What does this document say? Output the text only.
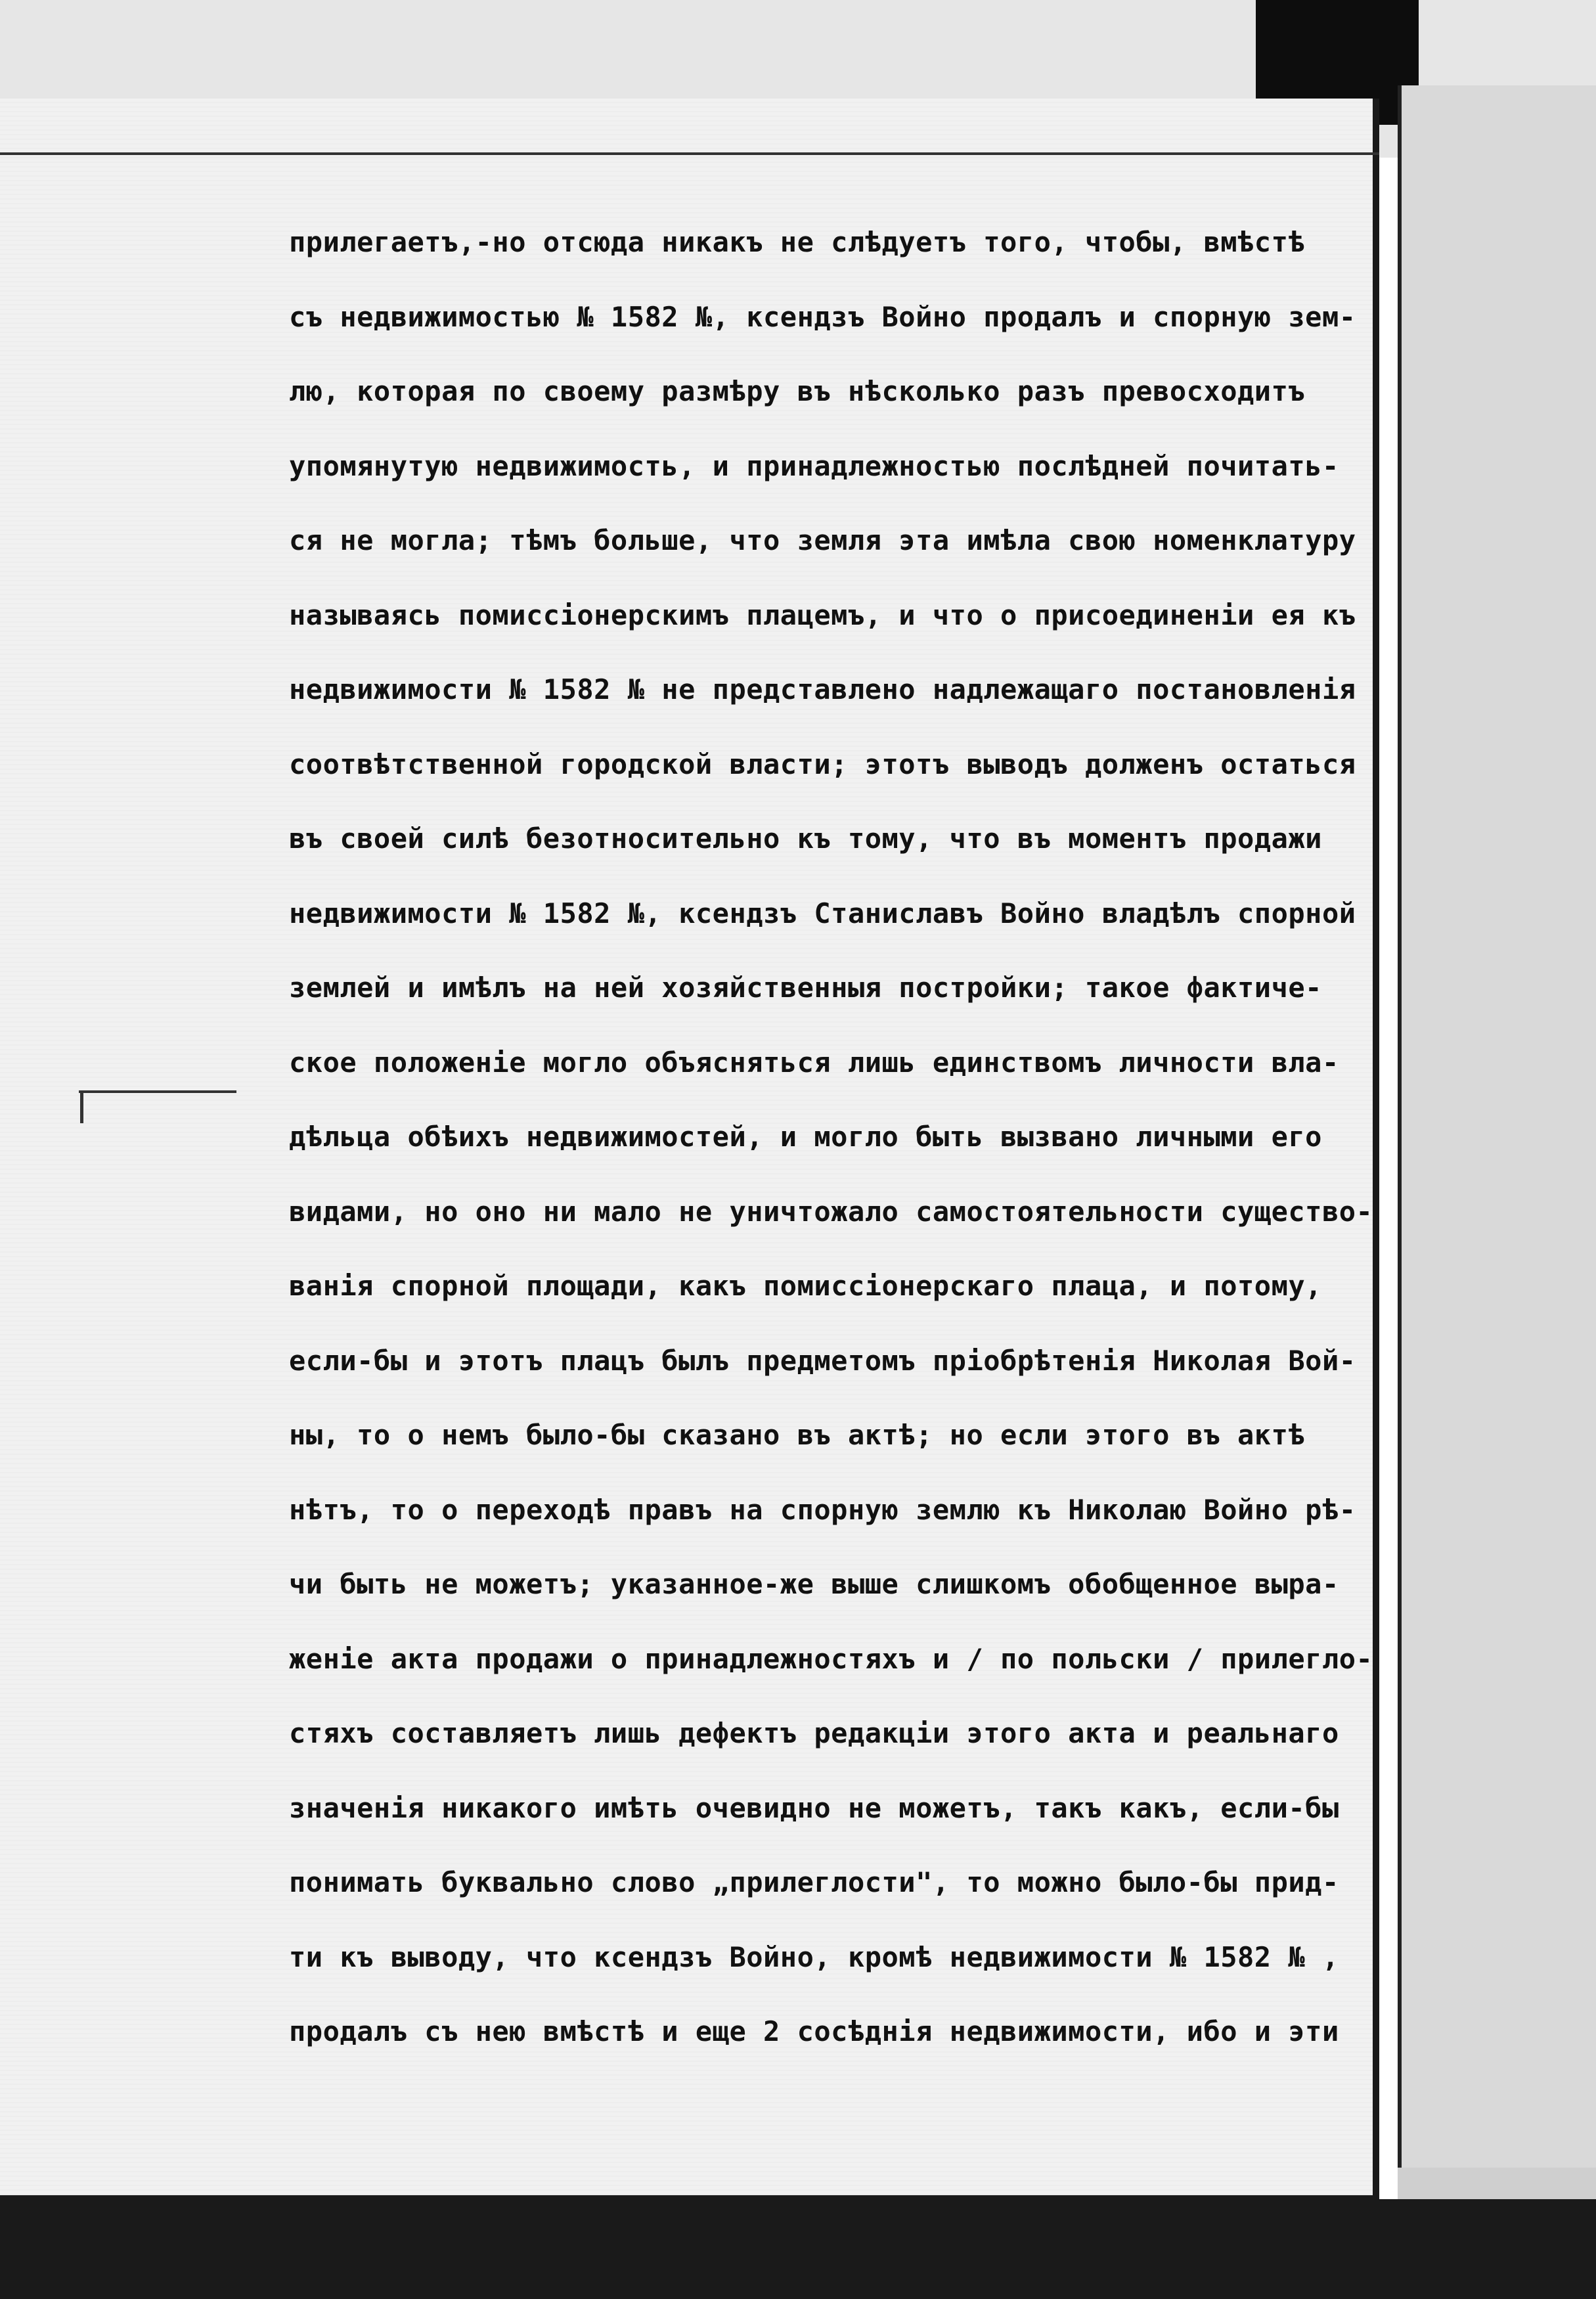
прилегаетъ,-но отсюда никакъ не слѣдуетъ того, чтобы, вмѣстѣ
съ недвижимостью № 1582 №, ксендзъ Войно продалъ и спорную зем-
лю, которая по своему размѣру въ нѣсколько разъ превосходитъ
упомянутую недвижимость, и принадлежностью послѣдней почитать-
ся не могла; тѣмъ больше, что земля эта имѣла свою номенклатуру
называясь помиссіонерскимъ плацемъ, и что о присоединеніи ея къ
недвижимости № 1582 № не представлено надлежащаго постановленія
соотвѣтственной городской власти; этотъ выводъ долженъ остаться
въ своей силѣ безотносительно къ тому, что въ моментъ продажи
недвижимости № 1582 №, ксендзъ Станиславъ Войно владѣлъ спорной
землей и имѣлъ на ней хозяйственныя постройки; такое фактиче-
ское положеніе могло объясняться лишь единствомъ личности вла-
дѣльца обѣихъ недвижимостей, и могло быть вызвано личными его
видами, но оно ни мало не уничтожало самостоятельности существо-
ванія спорной площади, какъ помиссіонерскаго плаца, и потому,
если-бы и этотъ плацъ былъ предметомъ пріобрѣтенія Николая Вой-
ны, то о немъ было-бы сказано въ актѣ; но если этого въ актѣ
нѣтъ, то о переходѣ правъ на спорную землю къ Николаю Войно рѣ-
чи быть не можетъ; указанное-же выше слишкомъ обобщенное выра-
женіе акта продажи о принадлежностяхъ и / по польски / прилегло-
стяхъ составляетъ лишь дефектъ редакціи этого акта и реальнаго
значенія никакого имѣть очевидно не можетъ, такъ какъ, если-бы
понимать буквально слово „прилеглости", то можно было-бы прид-
ти къ выводу, что ксендзъ Войно, кромѣ недвижимости № 1582 № ,
продалъ съ нею вмѣстѣ и еще 2 сосѣднія недвижимости, ибо и эти
